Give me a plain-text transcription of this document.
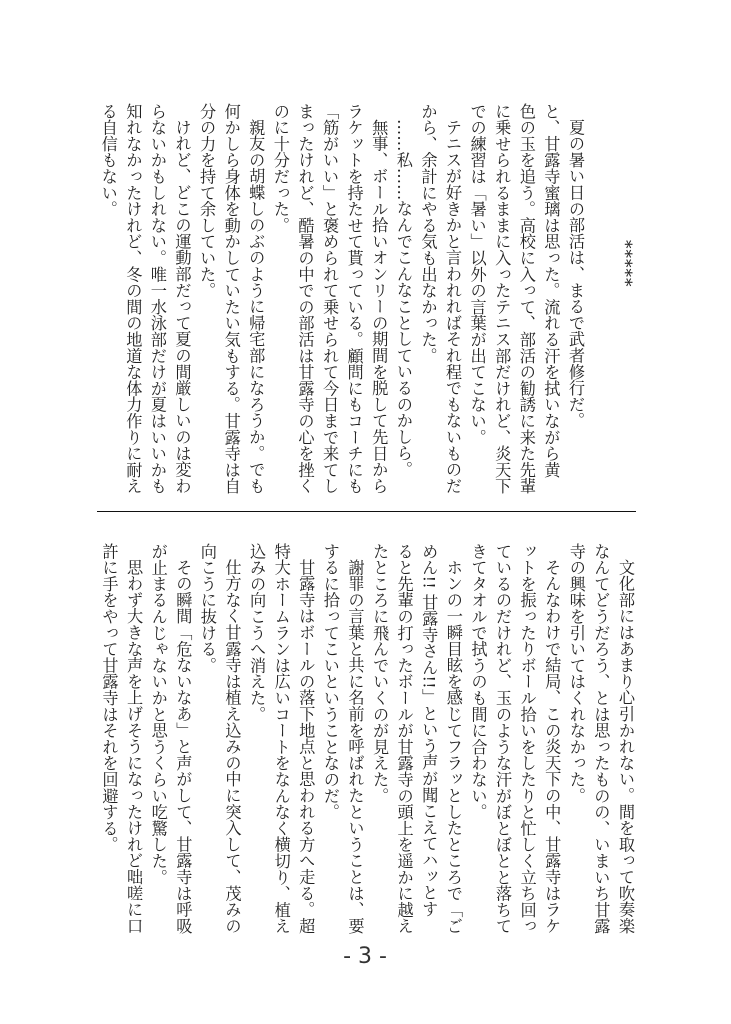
*****
夏の暑い日の部活は、まるで武者修行だ。
と、甘露寺蜜璃は思った。流れる汗を拭いながら黄
色の玉を追う。高校に入って、部活の勧誘に来た先輩
に乗せられるままに入ったテニス部だけれど、炎天下
での練習は「暑い」以外の言葉が出てこない。
テニスが好きかと言われればそれ程でもないものだ
から、余計にやる気も出なかった。
……私……なんでこんなことしているのかしら。
無事、ボール拾いオンリーの期間を脱して先日から
ラケットを持たせて貰っている。顧問にもコーチにも
「筋がいい」と褒められて乗せられて今日まで来てし
まったけれど、酷暑の中での部活は甘露寺の心を挫く
のに十分だった。
親友の胡蝶しのぶのように帰宅部になろうか。でも
何かしら身体を動かしていたい気もする。甘露寺は自
分の力を持て余していた。
けれど、どこの運動部だって夏の間厳しいのは変わ
らないかもしれない。唯一水泳部だけが夏はいいかも
知れなかったけれど、冬の間の地道な体力作りに耐え
る自信もない。
文化部にはあまり心引かれない。間を取って吹奏楽
なんてどうだろう、とは思ったものの、いまいち甘露
寺の興味を引いてはくれなかった。
そんなわけで結局、この炎天下の中、甘露寺はラケ
ットを振ったりボール拾いをしたりと忙しく立ち回っ
ているのだけれど、玉のような汗がぼとぼとと落ちて
きてタオルで拭うのも間に合わない。
ホンの一瞬目眩を感じてフラッとしたところで「ご
めん!! 甘露寺さん!!」という声が聞こえてハッとす
ると先輩の打ったボールが甘露寺の頭上を遥かに越え
たところに飛んでいくのが見えた。
謝罪の言葉と共に名前を呼ばれたということは、要
するに拾ってこいということなのだ。
甘露寺はボールの落下地点と思われる方へ走る。超
特大ホームランは広いコートをなんなく横切り、植え
込みの向こうへ消えた。
仕方なく甘露寺は植え込みの中に突入して、茂みの
向こうに抜ける。
その瞬間「危ないなあ」と声がして、甘露寺は呼吸
が止まるんじゃないかと思うくらい吃驚した。
思わず大きな声を上げそうになったけれど咄嗟に口
許に手をやって甘露寺はそれを回避する。
- 3 -
